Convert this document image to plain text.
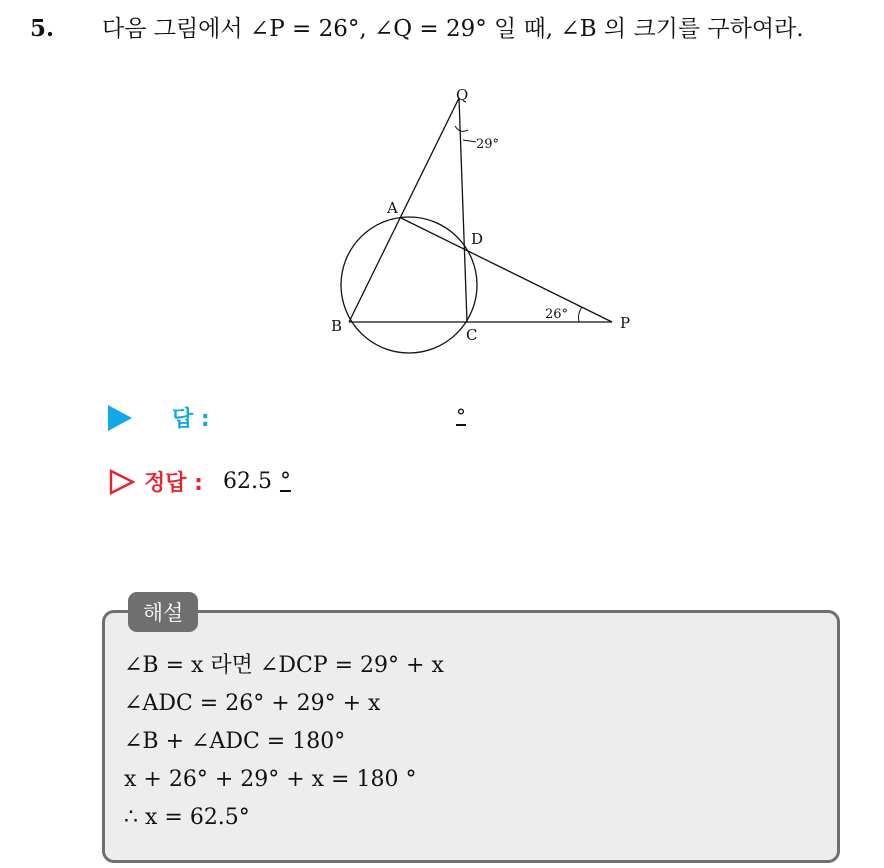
5. 다음 그림에서 ∠P = 26°, ∠Q = 29° 일 때, ∠B 의 크기를 구하여라.
Q
29°
A
D
B	C
26°	P
답 :	°
정답 : 62.5 °
해설
∠B = x 라면 ∠DCP = 29° + x
∠ADC = 26° + 29° + x
∠B + ∠ADC = 180°
x + 26° + 29° + x = 180 °
∴ x = 62.5°
